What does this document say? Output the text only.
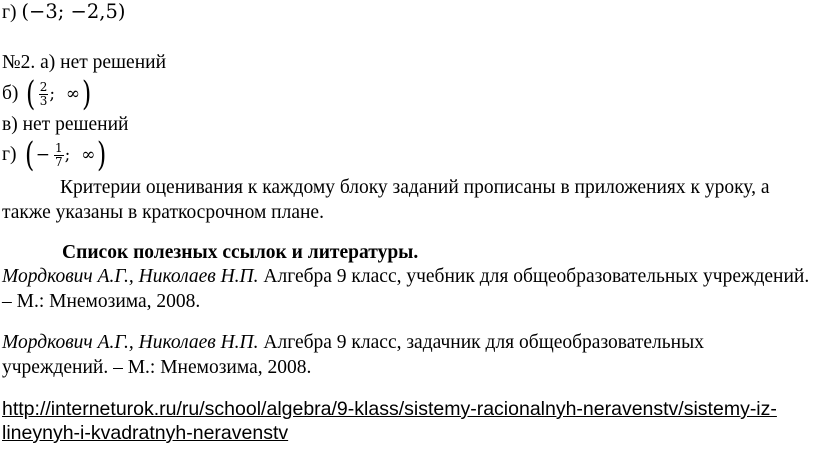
г) (−3; −2,5)
№2. а) нет решений
б) ( $\frac{2}{3}$ ;  ∞ )
в) нет решений
г) ( − $\frac{1}{7}$ ;  ∞ )
Критерии оценивания к каждому блоку заданий прописаны в приложениях к уроку, а также указаны в краткосрочном плане.
Список полезных ссылок и литературы.
Мордкович А.Г., Николаев Н.П. Алгебра 9 класс, учебник для общеобразовательных учреждений. – М.: Мнемозима, 2008.
Мордкович А.Г., Николаев Н.П. Алгебра 9 класс, задачник для общеобразовательных учреждений. – М.: Мнемозима, 2008.
http://interneturok.ru/ru/school/algebra/9-klass/sistemy-racionalnyh-neravenstv/sistemy-iz-
lineynyh-i-kvadratnyh-neravenstv
